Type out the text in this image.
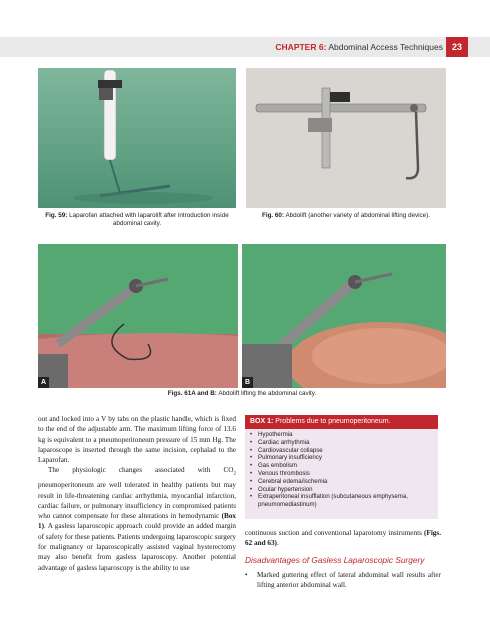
CHAPTER 6: Abdominal Access Techniques 23
Fig. 59: Laparofan attached with laparolift after introduction inside abdominal cavity.
Fig. 60: Abdolift (another variety of abdominal lifting device).
A	B
Figs. 61A and B: Abdolift lifting the abdominal cavity.

out and locked into a V by tabs on the plastic handle, which is fixed to the end of the adjustable arm. The maximum lifting force of 13.6 kg is equivalent to a pneumoperitoneum pressure of 15 mm Hg. The laparoscope is inserted through the same incision, cephalad to the Laparofan.

The physiologic changes associated with $CO_2$ pneumoperitoneum are well tolerated in healthy patients but may result in life-threatening cardiac arrhythmia, myocardial infarction, cardiac failure, or pulmonary insufficiency in compromised patients who cannot compensate for these alterations in hemodynamic (Box 1). A gasless laparoscopic approach could provide an added margin of safety for these patients. Patients undergoing laparoscopic surgery for malignancy or laparoscopically assisted vaginal hysterectomy may also benefit from gasless laparoscopy. Another potential advantage of gasless laparoscopy is the ability to use

BOX 1: Problems due to pneumoperitoneum.
• Hypothermia
• Cardiac arrhythmia
• Cardiovascular collapse
• Pulmonary insufficiency
• Gas embolism
• Venous thrombosis
• Cerebral edema/ischemia
• Ocular hypertension
• Extraperitoneal insufflation (subcutaneous emphysema,
pneumomediastinum)

continuous suction and conventional laparotomy instruments (Figs. 62 and 63).

Disadvantages of Gasless Laparoscopic Surgery
•	Marked guttering effect of lateral abdominal wall results after lifting anterior abdominal wall.
